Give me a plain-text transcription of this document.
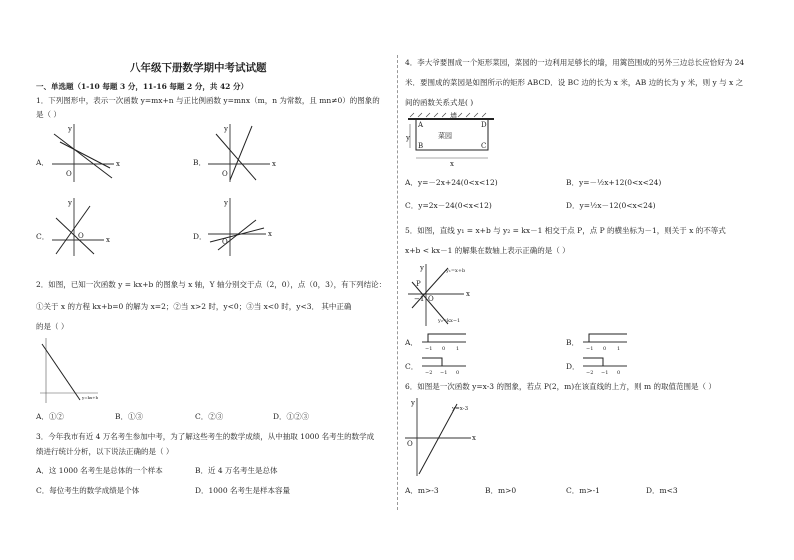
八年级下册数学期中考试试题
一、单选题（1-10 每题 3 分，11-16 每题 2 分，共 42 分）
1．下列图形中，表示一次函数 y=mx+n 与正比例函数 y=mnx（m，n 为常数，且 mn≠0）的图象的
是（ ）
A．	x
y
O
B．	x
y
O
C．	x
y
O	D．	x
y
O
2．如图，已知一次函数 y = kx+b 的图象与 x 轴，Y 轴分别交于点（2，0），点（0，3），有下列结论：
①关于 x 的方程 kx+b=0 的解为 x=2；②当 x>2 时，y<0；③当 x<0 时，y<3． 其中正确
的是（ ）
y=kx+b
A．①②	B．①③	C．②③	D．①②③
3．今年我市有近 4 万名考生参加中考，为了解这些考生的数学成绩，从中抽取 1000 名考生的数学成
绩进行统计分析，以下说法正确的是（ ）
A．这 1000 名考生是总体的一个样本	B．近 4 万名考生是总体
C．每位考生的数学成绩是个体	D．1000 名考生是样本容量
4．李大爷要围成一个矩形菜园，菜园的一边利用足够长的墙，用篱笆围成的另外三边总长应恰好为 24
米．要围成的菜园是如图所示的矩形 ABCD．设 BC 边的长为 x 米，AB 边的长为 y 米，则 y 与 x 之
间的函数关系式是( )
墙
A	D
B	C
菜园
y
x
A．y=－2x+24(0<x<12)	B．y=－½x+12(0<x<24)
C．y=2x－24(0<x<12)	D．y=½x－12(0<x<24)
5．如图，直线 y₁ = x+b 与 y₂ = kx－1 相交于点 P，点 P 的横坐标为－1，则关于 x 的不等式
x+b < kx－1 的解集在数轴上表示正确的是（ ）
x
y
O
−1
P
y₁=x+b
y₂=kx−1
A．
−1 0 1
B．
−1 0 1
C．
−2 −1 0
D．
−2 −1 0
6．如图是一次函数 y=x-3 的图象，若点 P(2，m)在该直线的上方，则 m 的取值范围是（ ）
x
y
O
y=x-3
A．m>-3	B．m>0	C．m>-1	D．m<3
